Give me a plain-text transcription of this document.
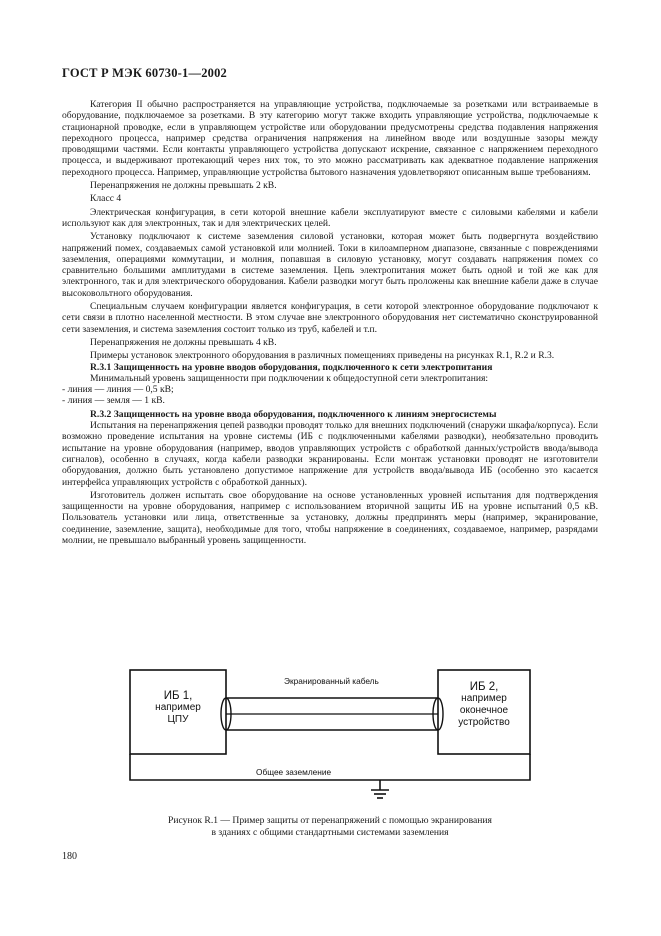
ГОСТ Р МЭК 60730-1—2002

Категория II обычно распространяется на управляющие устройства, подключаемые за розетками или встраиваемые в оборудование, подключаемое за розетками. В эту категорию могут также входить управляющие устройства, подключаемые к стационарной проводке, если в управляющем устройстве или оборудовании предусмотрены средства подавления напряжения переходного процесса, например средства ограничения напряжения на линейном вводе или воздушные зазоры между проводящими частями. Если контакты управляющего устройства допускают искрение, связанное с напряжением переходного процесса, и выдерживают протекающий через них ток, то это можно рассматривать как адекватное подавление напряжения переходного процесса. Например, управляющие устройства бытового назначения удовлетворяют описанным выше требованиям.

Перенапряжения не должны превышать 2 кВ.

Класс 4

Электрическая конфигурация, в сети которой внешние кабели эксплуатируют вместе с силовыми кабелями и кабели используют как для электронных, так и для электрических целей.

Установку подключают к системе заземления силовой установки, которая может быть подвергнута воздействию напряжений помех, создаваемых самой установкой или молнией. Токи в килоамперном диапазоне, связанные с повреждениями заземления, операциями коммутации, и молния, попавшая в силовую установку, могут создавать напряжения помех со сравнительно большими амплитудами в системе заземления. Цепь электропитания может быть одной и той же как для электронного, так и для электрического оборудования. Кабели разводки могут быть проложены как внешние кабели даже в случае высоковольтного оборудования.

Специальным случаем конфигурации является конфигурация, в сети которой электронное оборудование подключают к сети связи в плотно населенной местности. В этом случае вне электронного оборудования нет систематично сконструированной сети заземления, и система заземления состоит только из труб, кабелей и т.п.

Перенапряжения не должны превышать 4 кВ.

Примеры установок электронного оборудования в различных помещениях приведены на рисунках R.1, R.2 и R.3.

R.3.1 Защищенность на уровне вводов оборудования, подключенного к сети электропитания

Минимальный уровень защищенности при подключении к общедоступной сети электропитания:

- линия — линия — 0,5 кВ;

- линия — земля — 1 кВ.

R.3.2 Защищенность на уровне ввода оборудования, подключенного к линиям энергосистемы

Испытания на перенапряжения цепей разводки проводят только для внешних подключений (снаружи шкафа/корпуса). Если возможно проведение испытания на уровне системы (ИБ с подключенными кабелями разводки), необязательно проводить испытание на уровне оборудования (например, вводов управляющих устройств с обработкой данных/устройств ввода/вывода сигналов), особенно в случаях, когда кабели разводки экранированы. Если монтаж установки проводят не изготовители оборудования, должно быть установлено допустимое напряжение для устройств ввода/вывода ИБ (особенно это касается интерфейса управляющих устройств с обработкой данных).

Изготовитель должен испытать свое оборудование на основе установленных уровней испытания для подтверждения защищенности на уровне оборудования, например с использованием вторичной защиты ИБ на уровне испытаний 0,5 кВ. Пользователь установки или лица, ответственные за установку, должны предпринять меры (например, экранирование, соединение, заземление, защита), необходимые для того, чтобы напряжение в соединениях, создаваемое, например, разрядами молнии, не превышало выбранный уровень защищенности.

ИБ 1,
например
ЦПУ
ИБ 2,
например
оконечное
устройство
Экранированный кабель
Общее заземление
Рисунок R.1 — Пример защиты от перенапряжений с помощью экранирования
в зданиях с общими стандартными системами заземления
180
